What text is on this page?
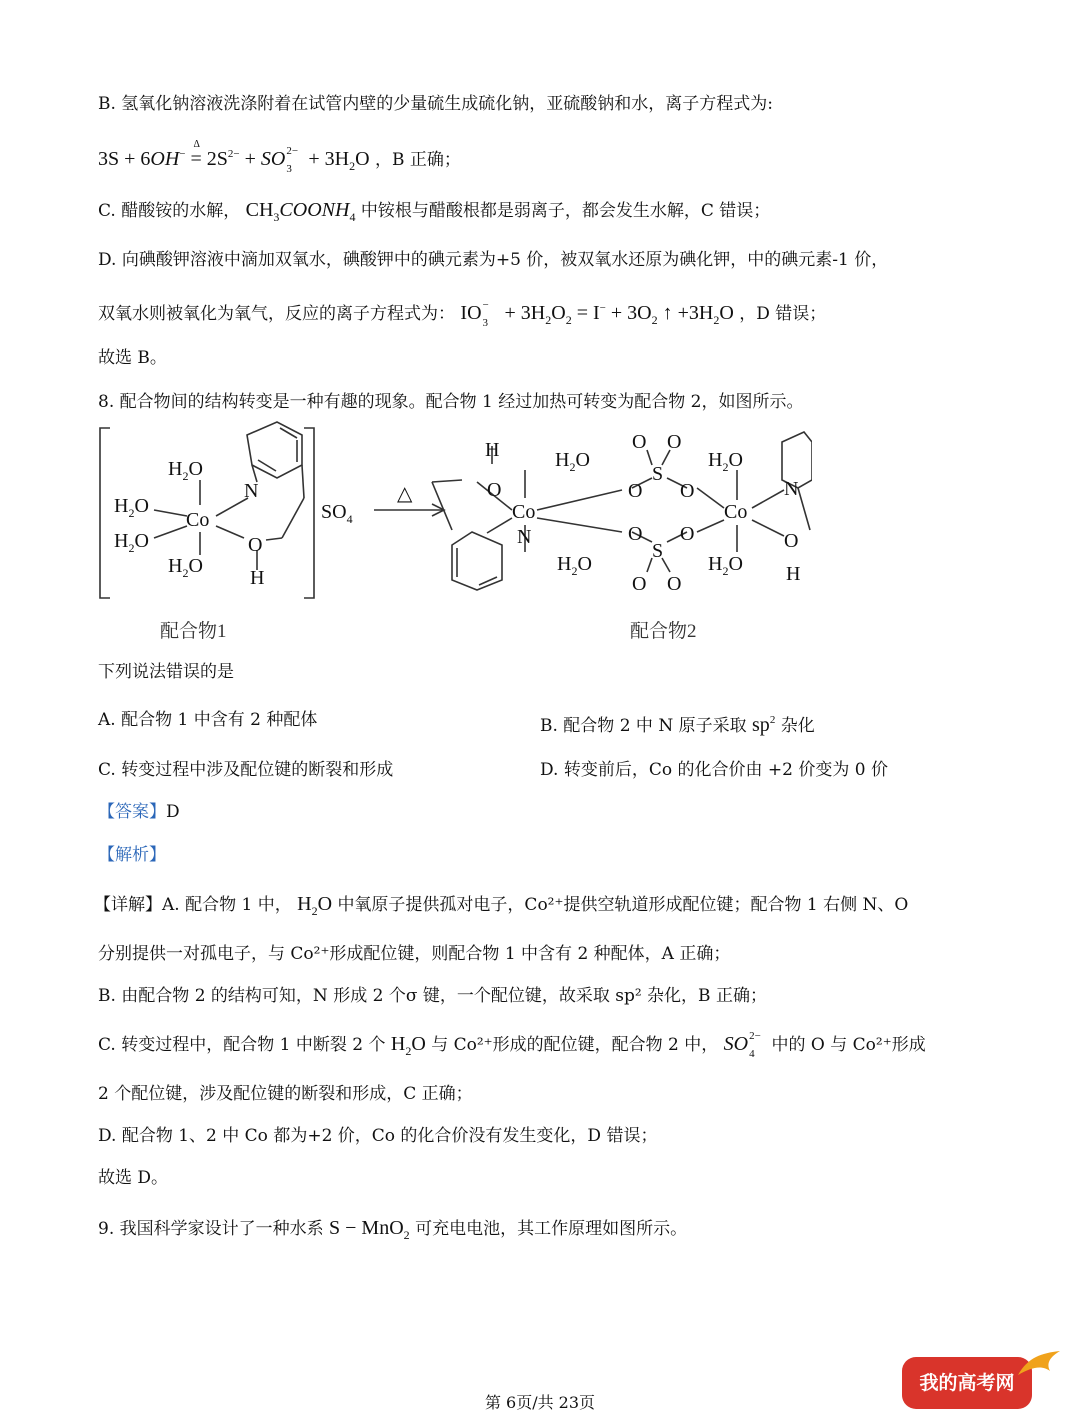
B. 氢氧化钠溶液洗涤附着在试管内壁的少量硫生成硫化钠，亚硫酸钠和水，离子方程式为:
3S + 6OH− =
Δ
$2S^{2-}$ + SO 2−
$3 + 3H_2O$ ，B 正确；
C. 醋酸铵的水解， $CH_3COONH_4$ 中铵根与醋酸根都是弱离子，都会发生水解，C 错误；
D. 向碘酸钾溶液中滴加双氧水，碘酸钾中的碘元素为+5 价，被双氧水还原为碘化钾，中的碘元素-1 价，
双氧水则被氧化为氧气，反应的离子方程式为： IO −
$3 + 3H_2O_2 = I^- + 3O_2$ ↑ $+3H_2O$ ，D 错误；
故选 B。
8. 配合物间的结构转变是一种有趣的现象。配合物 1 经过加热可转变为配合物 2，如图所示。
$H_2O$
$H_2O$
$H_2O$
$H_2O$
Co
N
O
H
$SO_4$
△
H
O
$H_2O$
Co
N
$H_2O$
O
S
O
O
S
O
O O
O O
$H_2O$
Co
$H_2O$
N
O
H
配合物1	配合物2
下列说法错误的是
A. 配合物 1 中含有 2 种配体	B. 配合物 2 中 N 原子采取 $sp^2$ 杂化
C. 转变过程中涉及配位键的断裂和形成	D. 转变前后，Co 的化合价由 +2 价变为 0 价
【答案】D
【解析】
【详解】A. 配合物 1 中， $H_2O$ 中氧原子提供孤对电子，Co²⁺提供空轨道形成配位键；配合物 1 右侧 N、O
分别提供一对孤电子，与 Co²⁺形成配位键，则配合物 1 中含有 2 种配体，A 正确；
B. 由配合物 2 的结构可知，N 形成 2 个σ 键，一个配位键，故采取 sp² 杂化，B 正确；
C. 转变过程中，配合物 1 中断裂 2 个 $H_2O$ 与 Co²⁺形成的配位键，配合物 2 中， SO 2−
4 中的 O 与 Co²⁺形成
2 个配位键，涉及配位键的断裂和形成，C 正确；
D. 配合物 1、2 中 Co 都为+2 价，Co 的化合价没有发生变化，D 错误；
故选 D。
9. 我国科学家设计了一种水系 S − MnO$_2$ 可充电电池，其工作原理如图所示。
第 6页/共 23页
我的高考网
